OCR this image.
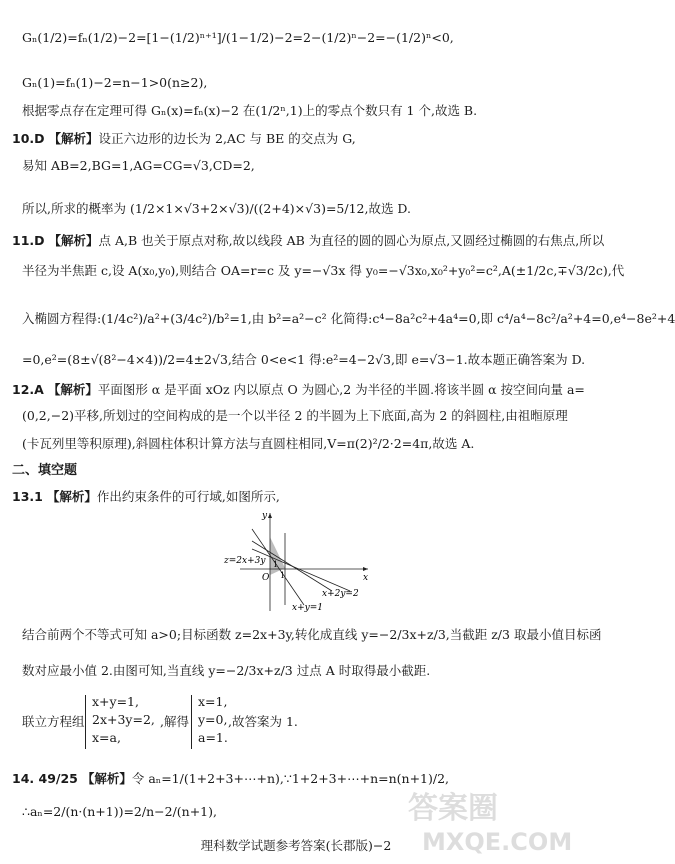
Gₙ(1/2)=fₙ(1/2)−2=[1−(1/2)ⁿ⁺¹]/(1−1/2)−2=2−(1/2)ⁿ−2=−(1/2)ⁿ<0,
Gₙ(1)=fₙ(1)−2=n−1>0(n≥2),
根据零点存在定理可得 Gₙ(x)=fₙ(x)−2 在(1/2ⁿ,1)上的零点个数只有 1 个,故选 B.
10.D 【解析】设正六边形的边长为 2,AC 与 BE 的交点为 G,
易知 AB=2,BG=1,AG=CG=√3,CD=2,
所以,所求的概率为 (1/2×1×√3+2×√3)/((2+4)×√3)=5/12,故选 D.
11.D 【解析】点 A,B 也关于原点对称,故以线段 AB 为直径的圆的圆心为原点,又圆经过椭圆的右焦点,所以
半径为半焦距 c,设 A(x₀,y₀),则结合 OA=r=c 及 y=−√3x 得 y₀=−√3x₀,x₀²+y₀²=c²,A(±1/2c,∓√3/2c),代
入椭圆方程得:(1/4c²)/a²+(3/4c²)/b²=1,由 b²=a²−c² 化简得:c⁴−8a²c²+4a⁴=0,即 c⁴/a⁴−8c²/a²+4=0,e⁴−8e²+4
=0,e²=(8±√(8²−4×4))/2=4±2√3,结合 0<e<1 得:e²=4−2√3,即 e=√3−1.故本题正确答案为 D.
12.A 【解析】平面图形 α 是平面 xOz 内以原点 O 为圆心,2 为半径的半圆.将该半圆 α 按空间向量 a=
(0,2,−2)平移,所划过的空间构成的是一个以半径 2 的半圆为上下底面,高为 2 的斜圆柱,由祖暅原理
(卡瓦列里等积原理),斜圆柱体积计算方法与直圆柱相同,V=π(2)²/2·2=4π,故选 A.
二、填空题
13.1 【解析】作出约束条件的可行域,如图所示,
y
x
O
z=2x+3y
x+y=1
x+2y=2
1
1
结合前两个不等式可知 a>0;目标函数 z=2x+3y,转化成直线 y=−2/3x+z/3,当截距 z/3 取最小值目标函
数对应最小值 2.由图可知,当直线 y=−2/3x+z/3 过点 A 时取得最小截距.
联立方程组
x+y=1,
2x+3y=2,
x=a,
,解得
x=1,
y=0,
a=1.
,故答案为 1.
14. 49/25 【解析】令 aₙ=1/(1+2+3+⋯+n),∵1+2+3+⋯+n=n(n+1)/2,
∴aₙ=2/(n·(n+1))=2/n−2/(n+1),
理科数学试题参考答案(长郡版)−2
答案圈
MXQE.COM
